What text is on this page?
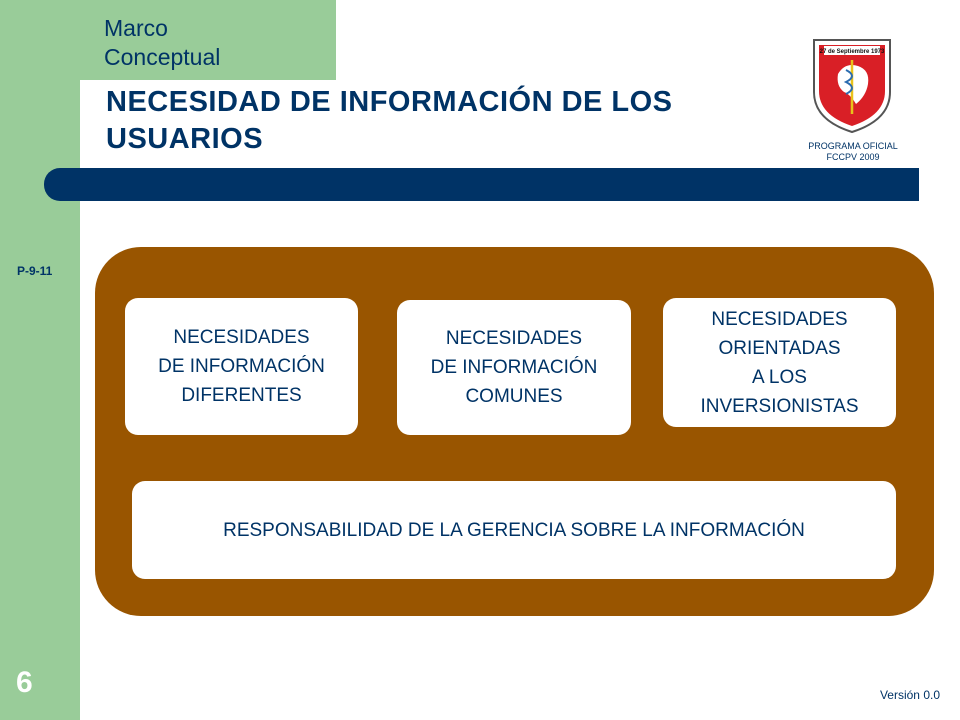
Marco
Conceptual
NECESIDAD DE INFORMACIÓN DE LOS USUARIOS
27 de Septiembre 1973
PROGRAMA OFICIAL
FCCPV 2009
P-9-11
NECESIDADES
DE INFORMACIÓN
DIFERENTES
NECESIDADES
DE INFORMACIÓN
COMUNES
NECESIDADES
ORIENTADAS
A LOS
INVERSIONISTAS
RESPONSABILIDAD DE LA GERENCIA SOBRE LA INFORMACIÓN
6	Versión 0.0
